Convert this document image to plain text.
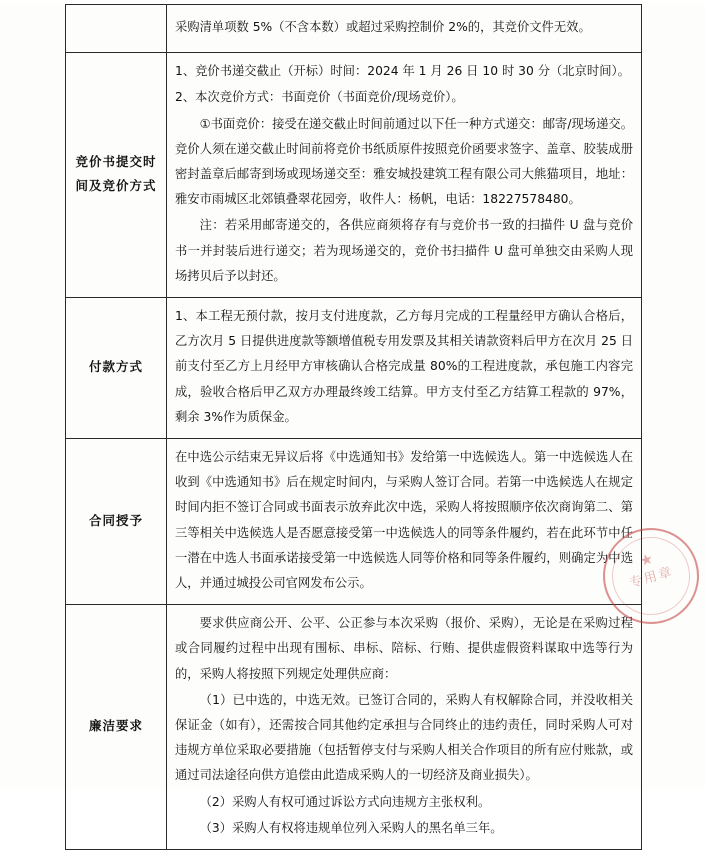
	采购清单项数 5%（不含本数）或超过采购控制价 2%的，其竞价文件无效。

竞价书提交时间及竞价方式	1、竞价书递交截止（开标）时间：2024 年 1 月 26 日 10 时 30 分（北京时间）。

2、本次竞价方式：书面竞价（书面竞价/现场竞价）。

①书面竞价：接受在递交截止时间前通过以下任一种方式递交：邮寄/现场递交。竞价人须在递交截止时间前将竞价书纸质原件按照竞价函要求签字、盖章、胶装成册密封盖章后邮寄到场或现场递交至：雅安城投建筑工程有限公司大熊猫项目，地址：雅安市雨城区北郊镇叠翠花园旁，收件人：杨帆，电话：18227578480。

注：若采用邮寄递交的，各供应商须将存有与竞价书一致的扫描件 U 盘与竞价书一并封装后进行递交；若为现场递交的，竞价书扫描件 U 盘可单独交由采购人现场拷贝后予以封还。

付款方式	1、本工程无预付款，按月支付进度款，乙方每月完成的工程量经甲方确认合格后，乙方次月 5 日提供进度款等额增值税专用发票及其相关请款资料后甲方在次月 25 日前支付至乙方上月经甲方审核确认合格完成量 80%的工程进度款，承包施工内容完成，验收合格后甲乙双方办理最终竣工结算。甲方支付至乙方结算工程款的 97%，剩余 3%作为质保金。

合同授予	在中选公示结束无异议后将《中选通知书》发给第一中选候选人。第一中选候选人在收到《中选通知书》后在规定时间内，与采购人签订合同。若第一中选候选人在规定时间内拒不签订合同或书面表示放弃此次中选，采购人将按照顺序依次商询第二、第三等相关中选候选人是否愿意接受第一中选候选人的同等条件履约，若在此环节中任一潜在中选人书面承诺接受第一中选候选人同等价格和同等条件履约，则确定为中选人，并通过城投公司官网发布公示。

廉洁要求	要求供应商公开、公平、公正参与本次采购（报价、采购），无论是在采购过程或合同履约过程中出现有围标、串标、陪标、行贿、提供虚假资料谋取中选等行为的，采购人将按照下列规定处理供应商：

（1）已中选的，中选无效。已签订合同的，采购人有权解除合同，并没收相关保证金（如有），还需按合同其他约定承担与合同终止的违约责任，同时采购人可对违规方单位采取必要措施（包括暂停支付与采购人相关合作项目的所有应付账款，或通过司法途径向供方追偿由此造成采购人的一切经济及商业损失）。

（2）采购人有权可通过诉讼方式向违规方主张权利。

（3）采购人有权将违规单位列入采购人的黑名单三年。

★
专用章
